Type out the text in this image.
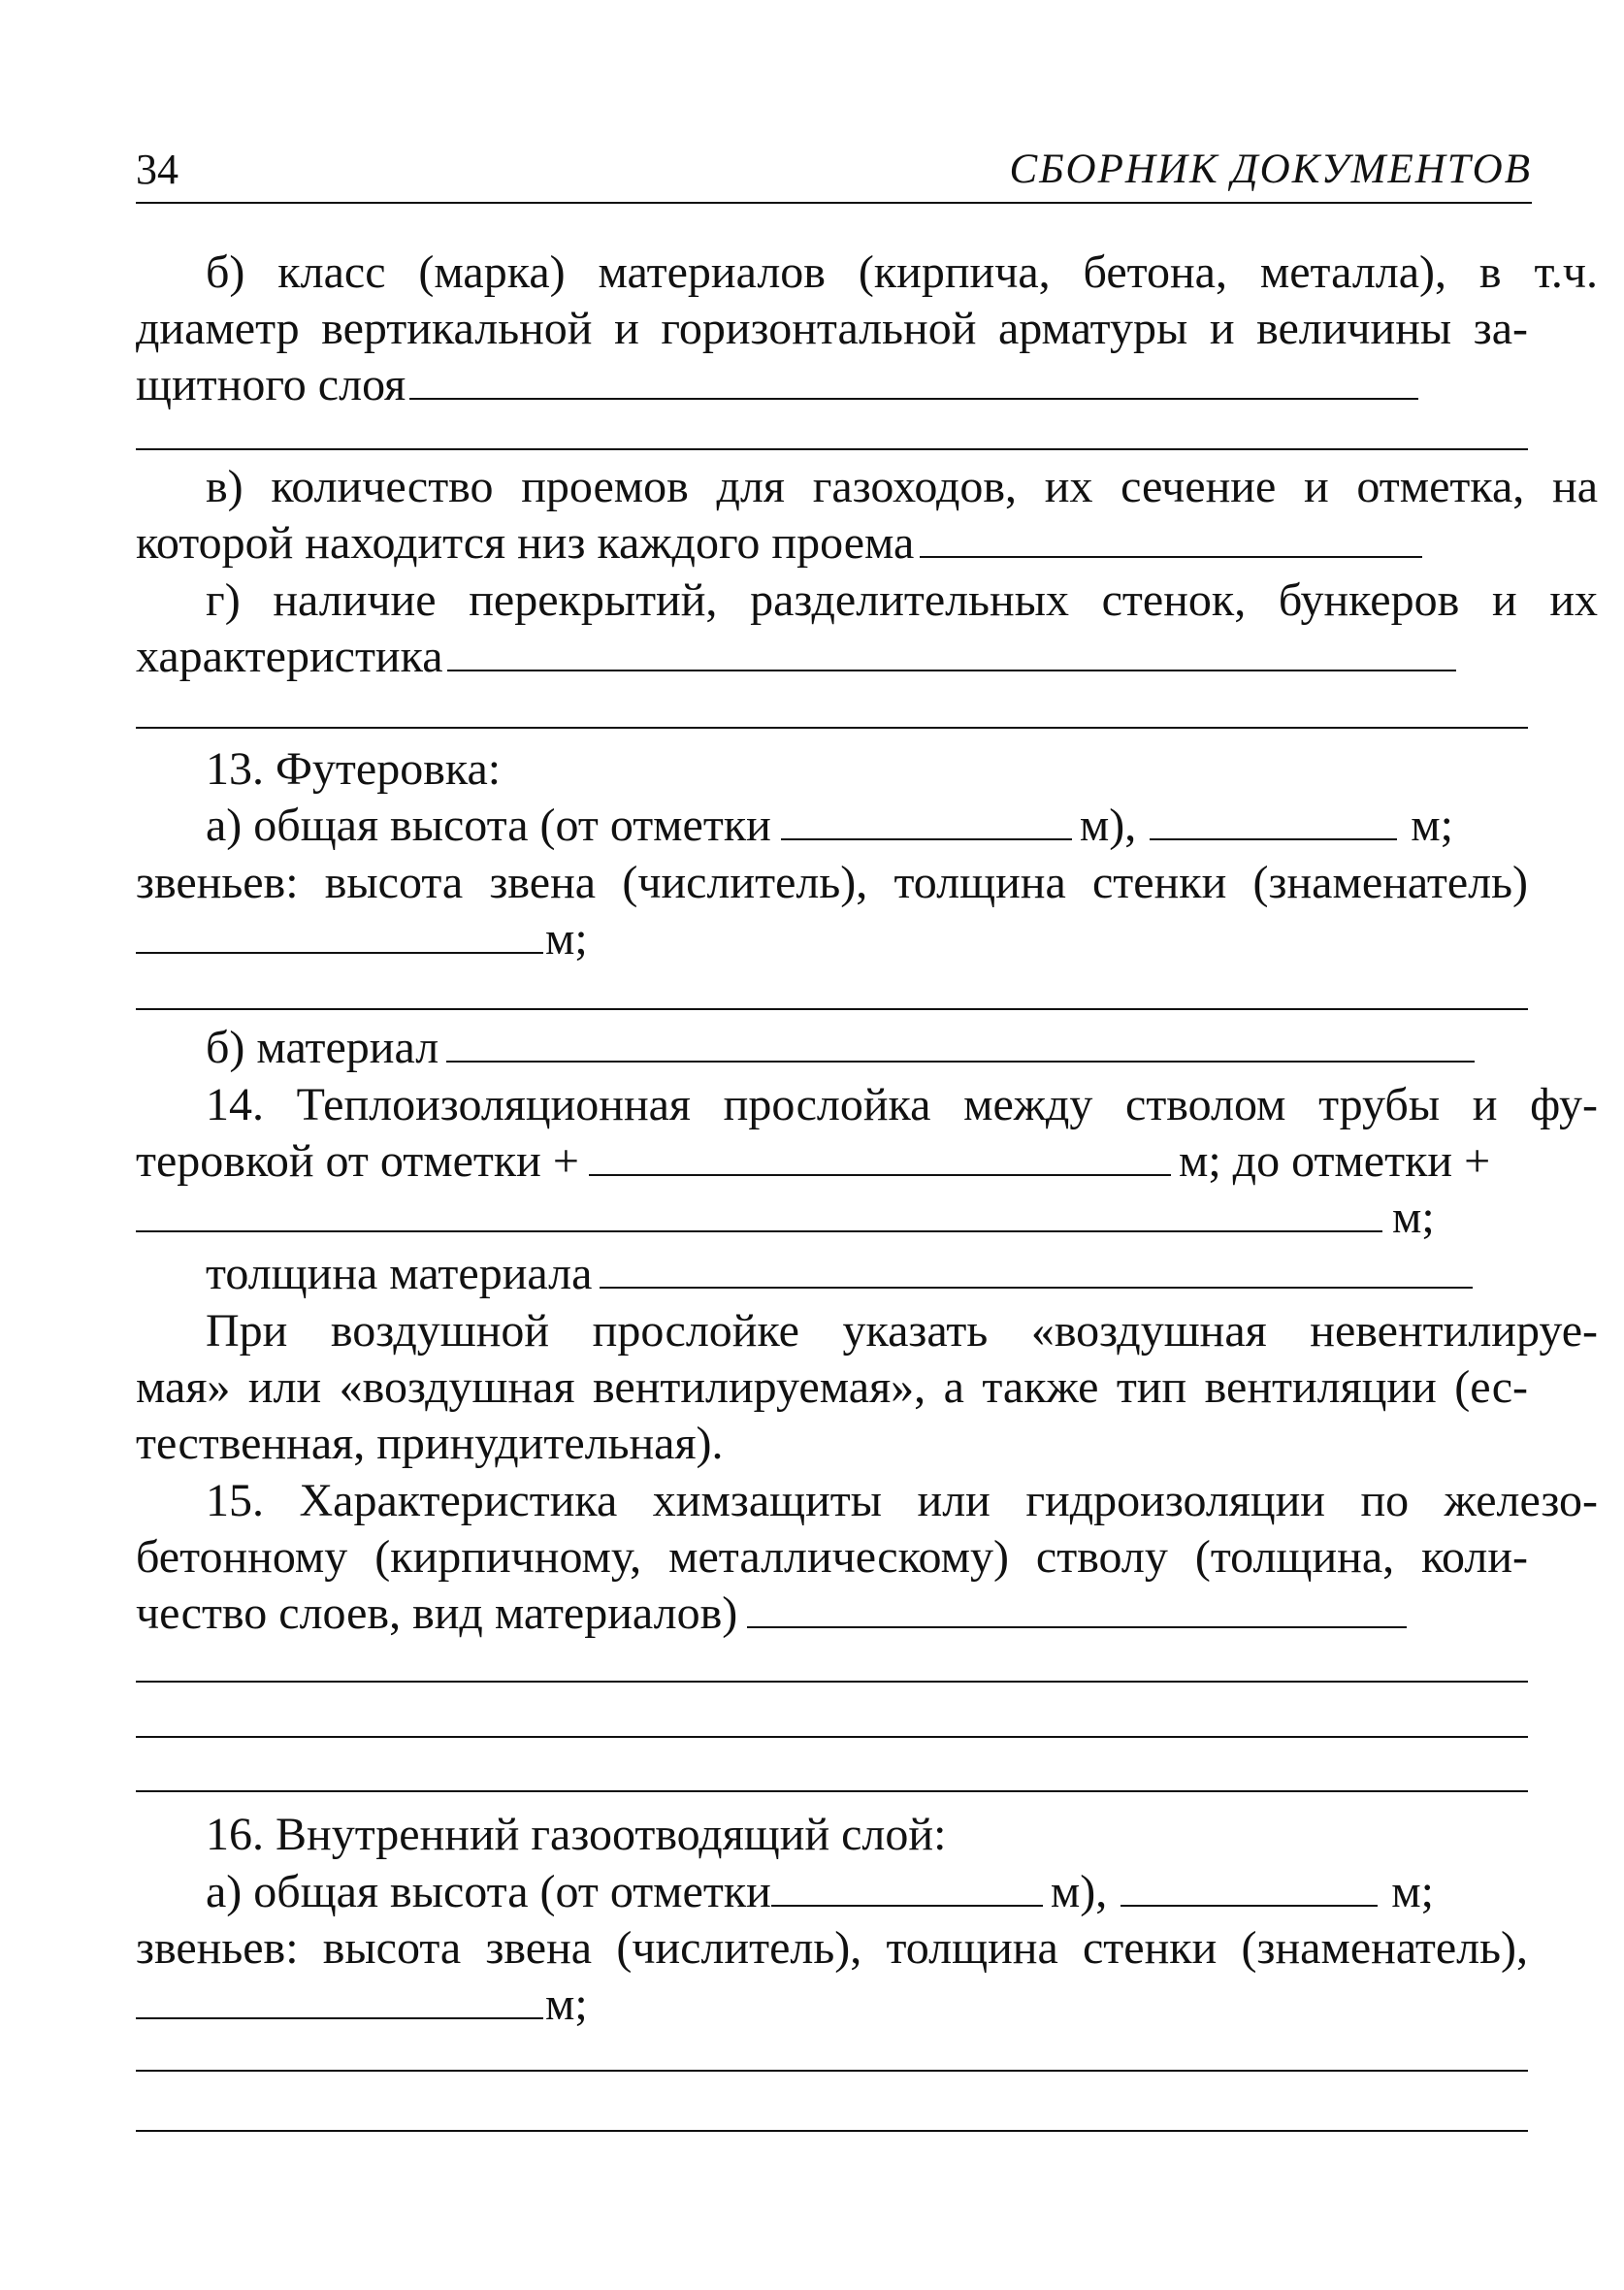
34	СБОРНИК ДОКУМЕНТОВ
б) класс (марка) материалов (кирпича, бетона, металла), в т.ч.
диаметр вертикальной и горизонтальной арматуры и величины за-
щитного слоя
в) количество проемов для газоходов, их сечение и отметка, на
которой находится низ каждого проема
г) наличие перекрытий, разделительных стенок, бункеров и их
характеристика
13. Футеровка:
а) общая высота (от отметки	м),	м;
звеньев: высота звена (числитель), толщина стенки (знаменатель)
м;
б) материал
14. Теплоизоляционная прослойка между стволом трубы и фу-
теровкой от отметки +	м; до отметки +
м;
толщина материала
При воздушной прослойке указать «воздушная невентилируе-
мая» или «воздушная вентилируемая», а также тип вентиляции (ес-
тественная, принудительная).
15. Характеристика химзащиты или гидроизоляции по железо-
бетонному (кирпичному, металлическому) стволу (толщина, коли-
чество слоев, вид материалов)
16. Внутренний газоотводящий слой:
а) общая высота (от отметки	м),	м;
звеньев: высота звена (числитель), толщина стенки (знаменатель),
м;
